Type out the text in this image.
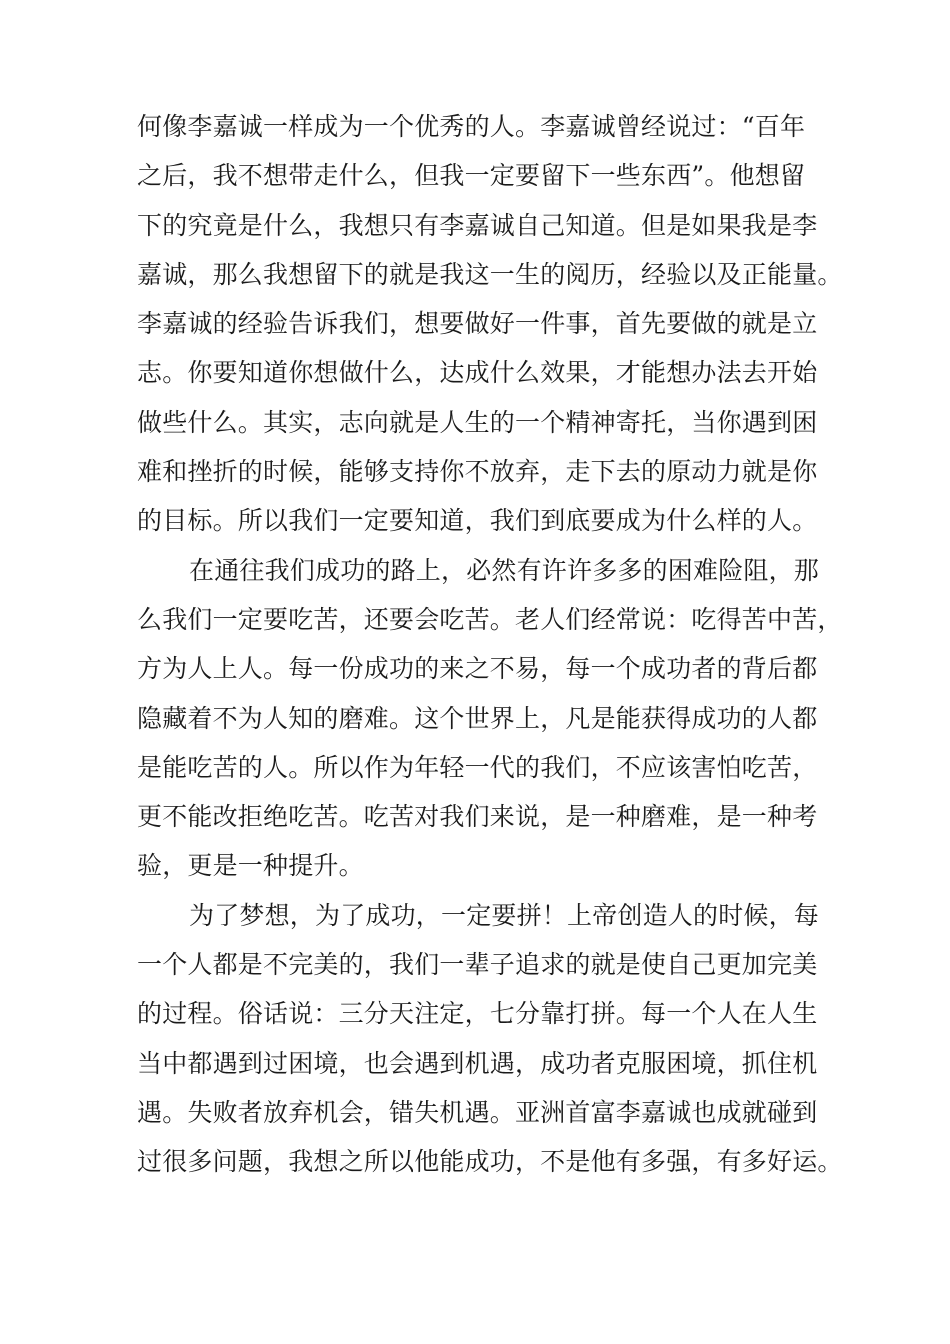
何像李嘉诚一样成为一个优秀的人。李嘉诚曾经说过：“百年
之后，我不想带走什么，但我一定要留下一些东西”。他想留
下的究竟是什么，我想只有李嘉诚自己知道。但是如果我是李
嘉诚，那么我想留下的就是我这一生的阅历，经验以及正能量。
李嘉诚的经验告诉我们，想要做好一件事，首先要做的就是立
志。你要知道你想做什么，达成什么效果，才能想办法去开始
做些什么。其实，志向就是人生的一个精神寄托，当你遇到困
难和挫折的时候，能够支持你不放弃，走下去的原动力就是你
的目标。所以我们一定要知道，我们到底要成为什么样的人。
在通往我们成功的路上，必然有许许多多的困难险阻，那
么我们一定要吃苦，还要会吃苦。老人们经常说：吃得苦中苦，
方为人上人。每一份成功的来之不易，每一个成功者的背后都
隐藏着不为人知的磨难。这个世界上，凡是能获得成功的人都
是能吃苦的人。所以作为年轻一代的我们，不应该害怕吃苦，
更不能改拒绝吃苦。吃苦对我们来说，是一种磨难，是一种考
验，更是一种提升。
为了梦想，为了成功，一定要拼！上帝创造人的时候，每
一个人都是不完美的，我们一辈子追求的就是使自己更加完美
的过程。俗话说：三分天注定，七分靠打拼。每一个人在人生
当中都遇到过困境，也会遇到机遇，成功者克服困境，抓住机
遇。失败者放弃机会，错失机遇。亚洲首富李嘉诚也成就碰到
过很多问题，我想之所以他能成功，不是他有多强，有多好运。
